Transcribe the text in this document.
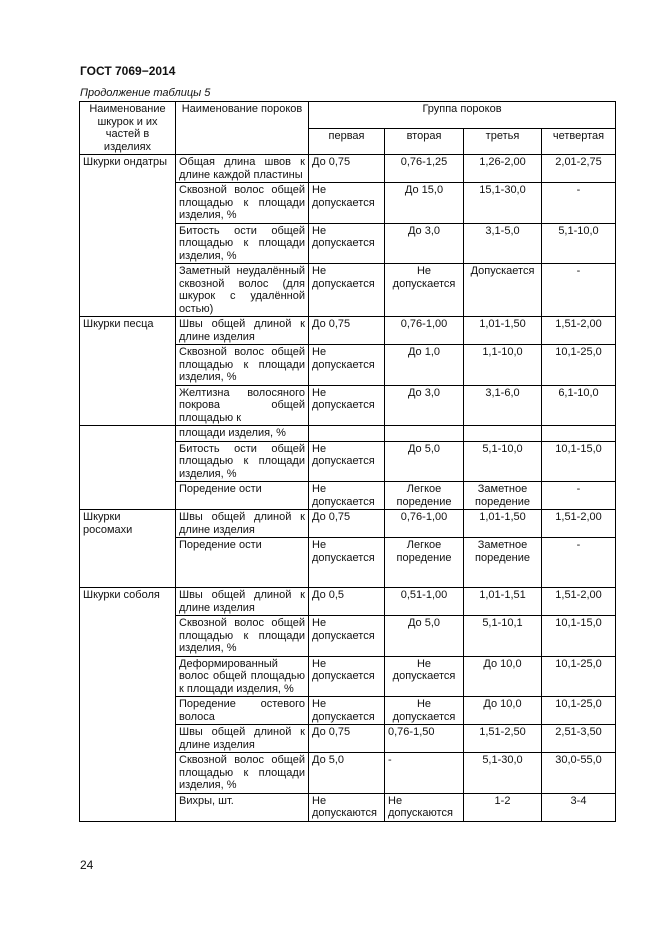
ГОСТ 7069−2014
Продолжение таблицы 5
Наименование шкурок и их частей в изделиях	Наименование пороков	Группа пороков			
		первая	вторая	третья	четвертая
Шкурки ондатры	Общая длина швов к длине каждой пластины	До 0,75	0,76-1,25	1,26-2,00	2,01-2,75
	Сквозной волос общей площадью к площади изделия, %	Не допускается	До 15,0	15,1-30,0	-
	Битость ости общей площадью к площади изделия, %	Не допускается	До 3,0	3,1-5,0	5,1-10,0
	Заметный неудалённый сквозной волос (для шкурок с удалённой остью)	Не допускается	Не допускается	Допускается	-
Шкурки песца	Швы общей длиной к длине изделия	До 0,75	0,76-1,00	1,01-1,50	1,51-2,00
	Сквозной волос общей площадью к площади изделия, %	Не допускается	До 1,0	1,1-10,0	10,1-25,0
	Желтизна волосяного покрова общей площадью к	Не допускается	До 3,0	3,1-6,0	6,1-10,0
	площади изделия, %				
	Битость ости общей площадью к площади изделия, %	Не допускается	До 5,0	5,1-10,0	10,1-15,0
	Поредение ости	Не допускается	Легкое поредение	Заметное поредение	-
Шкурки росомахи	Швы общей длиной к длине изделия	До 0,75	0,76-1,00	1,01-1,50	1,51-2,00
	Поредение ости	Не допускается	Легкое поредение	Заметное поредение	-
Шкурки соболя	Швы общей длиной к длине изделия	До 0,5	0,51-1,00	1,01-1,51	1,51-2,00
	Сквозной волос общей площадью к площади изделия, %	Не допускается	До 5,0	5,1-10,1	10,1-15,0
	Деформированный волос общей площадью к площади изделия, %	Не допускается	Не допускается	До 10,0	10,1-25,0
	Поредение остевого волоса	Не допускается	Не допускается	До 10,0	10,1-25,0
	Швы общей длиной к длине изделия	До 0,75	0,76-1,50	1,51-2,50	2,51-3,50
	Сквозной волос общей площадью к площади изделия, %	До 5,0	-	5,1-30,0	30,0-55,0
	Вихры, шт.	Не допускаются	Не допускаются	1-2	3-4
24
